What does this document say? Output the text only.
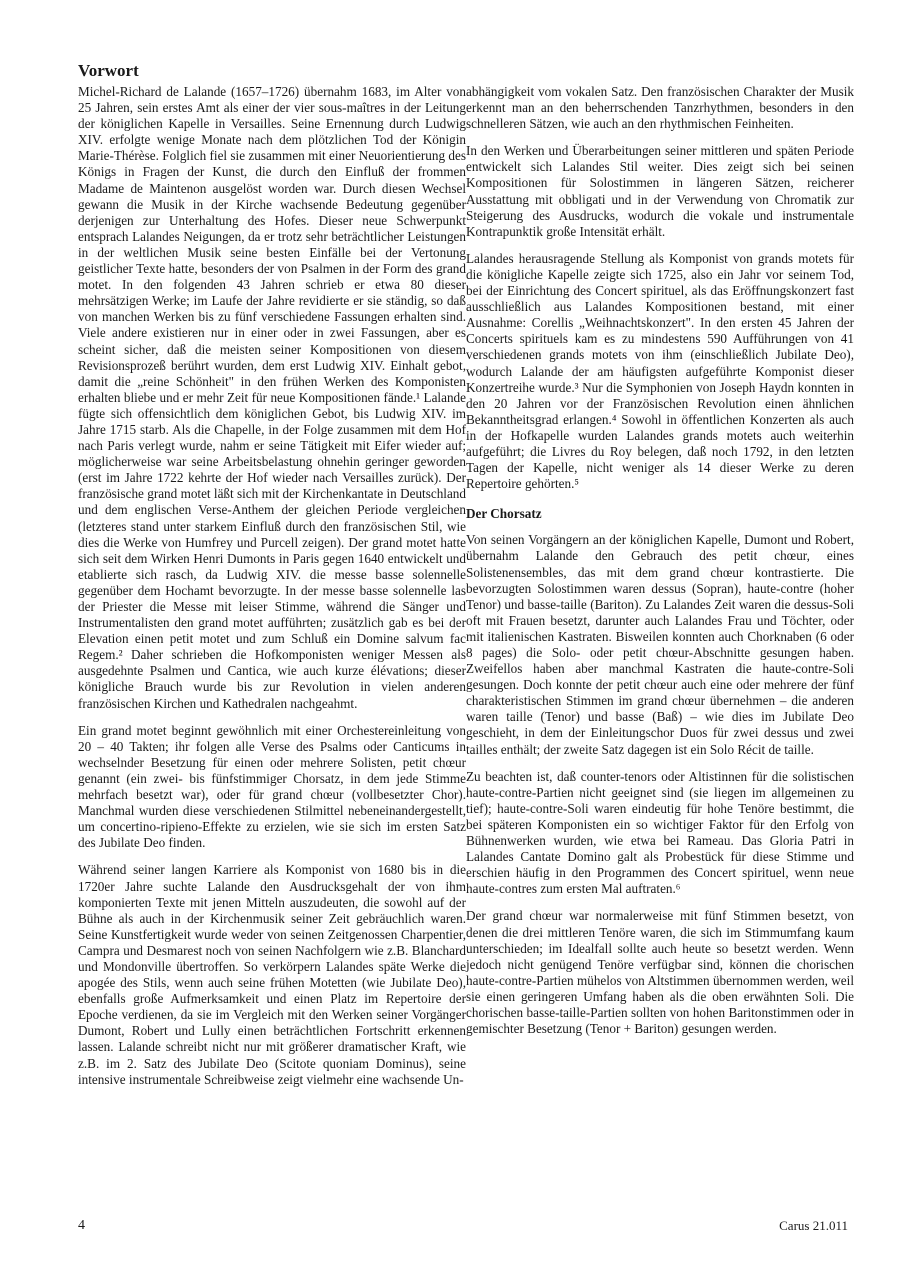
Vorwort

Michel-Richard de Lalande (1657–1726) übernahm 1683, im Alter von 25 Jahren, sein erstes Amt als einer der vier sous-maîtres in der Leitung der königlichen Kapelle in Versailles. Seine Ernennung durch Ludwig XIV. erfolgte wenige Monate nach dem plötzlichen Tod der Königin Marie-Thérèse. Folglich fiel sie zusammen mit einer Neuorientierung des Königs in Fragen der Kunst, die durch den Einfluß der frommen Madame de Maintenon ausgelöst worden war. Durch diesen Wechsel gewann die Musik in der Kirche wachsende Bedeutung gegenüber derjenigen zur Unterhaltung des Hofes. Dieser neue Schwerpunkt entsprach Lalandes Neigungen, da er trotz sehr beträchtlicher Leistungen in der weltlichen Musik seine besten Einfälle bei der Vertonung geistlicher Texte hatte, besonders der von Psalmen in der Form des grand motet. In den folgenden 43 Jahren schrieb er etwa 80 dieser mehrsätzigen Werke; im Laufe der Jahre revidierte er sie ständig, so daß von manchen Werken bis zu fünf verschiedene Fassungen erhalten sind. Viele andere existieren nur in einer oder in zwei Fassungen, aber es scheint sicher, daß die meisten seiner Kompositionen von diesem Revisionsprozeß berührt wurden, dem erst Ludwig XIV. Einhalt gebot, damit die „reine Schönheit" in den frühen Werken des Komponisten erhalten bliebe und er mehr Zeit für neue Kompositionen fände.¹ Lalande fügte sich offensichtlich dem königlichen Gebot, bis Ludwig XIV. im Jahre 1715 starb. Als die Chapelle, in der Folge zusammen mit dem Hof nach Paris verlegt wurde, nahm er seine Tätigkeit mit Eifer wieder auf; möglicherweise war seine Arbeitsbelastung ohnehin geringer geworden (erst im Jahre 1722 kehrte der Hof wieder nach Versailles zurück). Der französische grand motet läßt sich mit der Kirchenkantate in Deutschland und dem englischen Verse-Anthem der gleichen Periode vergleichen (letzteres stand unter starkem Einfluß durch den französischen Stil, wie dies die Werke von Humfrey und Purcell zeigen). Der grand motet hatte sich seit dem Wirken Henri Dumonts in Paris gegen 1640 entwickelt und etablierte sich rasch, da Ludwig XIV. die messe basse solennelle gegenüber dem Hochamt bevorzugte. In der messe basse solennelle las der Priester die Messe mit leiser Stimme, während die Sänger und Instrumentalisten den grand motet aufführten; zusätzlich gab es bei der Elevation einen petit motet und zum Schluß ein Domine salvum fac Regem.² Daher schrieben die Hofkomponisten weniger Messen als ausgedehnte Psalmen und Cantica, wie auch kurze élévations; dieser königliche Brauch wurde bis zur Revolution in vielen anderen französischen Kirchen und Kathedralen nachgeahmt.

Ein grand motet beginnt gewöhnlich mit einer Orchestereinleitung von 20 – 40 Takten; ihr folgen alle Verse des Psalms oder Canticums in wechselnder Besetzung für einen oder mehrere Solisten, petit chœur genannt (ein zwei- bis fünfstimmiger Chorsatz, in dem jede Stimme mehrfach besetzt war), oder für grand chœur (vollbesetzter Chor). Manchmal wurden diese verschiedenen Stilmittel nebeneinandergestellt, um concertino-ripieno-Effekte zu erzielen, wie sie sich im ersten Satz des Jubilate Deo finden.

Während seiner langen Karriere als Komponist von 1680 bis in die 1720er Jahre suchte Lalande den Ausdrucksgehalt der von ihm komponierten Texte mit jenen Mitteln auszudeuten, die sowohl auf der Bühne als auch in der Kirchenmusik seiner Zeit gebräuchlich waren. Seine Kunstfertigkeit wurde weder von seinen Zeitgenossen Charpentier, Campra und Desmarest noch von seinen Nachfolgern wie z.B. Blanchard und Mondonville übertroffen. So verkörpern Lalandes späte Werke die apogée des Stils, wenn auch seine frühen Motetten (wie Jubilate Deo), ebenfalls große Aufmerksamkeit und einen Platz im Repertoire der Epoche verdienen, da sie im Vergleich mit den Werken seiner Vorgänger Dumont, Robert und Lully einen beträchtlichen Fortschritt erkennen lassen. Lalande schreibt nicht nur mit größerer dramatischer Kraft, wie z.B. im 2. Satz des Jubilate Deo (Scitote quoniam Dominus), seine intensive instrumentale Schreibweise zeigt vielmehr eine wachsende Un-

abhängigkeit vom vokalen Satz. Den französischen Charakter der Musik erkennt man an den beherrschenden Tanzrhythmen, besonders in den schnelleren Sätzen, wie auch an den rhythmischen Feinheiten.

In den Werken und Überarbeitungen seiner mittleren und späten Periode entwickelt sich Lalandes Stil weiter. Dies zeigt sich bei seinen Kompositionen für Solostimmen in längeren Sätzen, reicherer Ausstattung mit obbligati und in der Verwendung von Chromatik zur Steigerung des Ausdrucks, wodurch die vokale und instrumentale Kontrapunktik große Intensität erhält.

Lalandes herausragende Stellung als Komponist von grands motets für die königliche Kapelle zeigte sich 1725, also ein Jahr vor seinem Tod, bei der Einrichtung des Concert spirituel, als das Eröffnungskonzert fast ausschließlich aus Lalandes Kompositionen bestand, mit einer Ausnahme: Corellis „Weihnachtskonzert". In den ersten 45 Jahren der Concerts spirituels kam es zu mindestens 590 Aufführungen von 41 verschiedenen grands motets von ihm (einschließlich Jubilate Deo), wodurch Lalande der am häufigsten aufgeführte Komponist dieser Konzertreihe wurde.³ Nur die Symphonien von Joseph Haydn konnten in den 20 Jahren vor der Französischen Revolution einen ähnlichen Bekanntheitsgrad erlangen.⁴ Sowohl in öffentlichen Konzerten als auch in der Hofkapelle wurden Lalandes grands motets auch weiterhin aufgeführt; die Livres du Roy belegen, daß noch 1792, in den letzten Tagen der Kapelle, nicht weniger als 14 dieser Werke zu deren Repertoire gehörten.⁵

Der Chorsatz

Von seinen Vorgängern an der königlichen Kapelle, Dumont und Robert, übernahm Lalande den Gebrauch des petit chœur, eines Solistenensembles, das mit dem grand chœur kontrastierte. Die bevorzugten Solostimmen waren dessus (Sopran), haute-contre (hoher Tenor) und basse-taille (Bariton). Zu Lalandes Zeit waren die dessus-Soli oft mit Frauen besetzt, darunter auch Lalandes Frau und Töchter, oder mit italienischen Kastraten. Bisweilen konnten auch Chorknaben (6 oder 8 pages) die Solo- oder petit chœur-Abschnitte gesungen haben. Zweifellos haben aber manchmal Kastraten die haute-contre-Soli gesungen. Doch konnte der petit chœur auch eine oder mehrere der fünf charakteristischen Stimmen im grand chœur übernehmen – die anderen waren taille (Tenor) und basse (Baß) – wie dies im Jubilate Deo geschieht, in dem der Einleitungschor Duos für zwei dessus und zwei tailles enthält; der zweite Satz dagegen ist ein Solo Récit de taille.

Zu beachten ist, daß counter-tenors oder Altistinnen für die solistischen haute-contre-Partien nicht geeignet sind (sie liegen im allgemeinen zu tief); haute-contre-Soli waren eindeutig für hohe Tenöre bestimmt, die bei späteren Komponisten ein so wichtiger Faktor für den Erfolg von Bühnenwerken wurden, wie etwa bei Rameau. Das Gloria Patri in Lalandes Cantate Domino galt als Probestück für diese Stimme und erschien häufig in den Programmen des Concert spirituel, wenn neue haute-contres zum ersten Mal auftraten.⁶

Der grand chœur war normalerweise mit fünf Stimmen besetzt, von denen die drei mittleren Tenöre waren, die sich im Stimmumfang kaum unterschieden; im Idealfall sollte auch heute so besetzt werden. Wenn jedoch nicht genügend Tenöre verfügbar sind, können die chorischen haute-contre-Partien mühelos von Altstimmen übernommen werden, weil sie einen geringeren Umfang haben als die oben erwähnten Soli. Die chorischen basse-taille-Partien sollten von hohen Baritonstimmen oder in gemischter Besetzung (Tenor + Bariton) gesungen werden.

4	Carus 21.011
